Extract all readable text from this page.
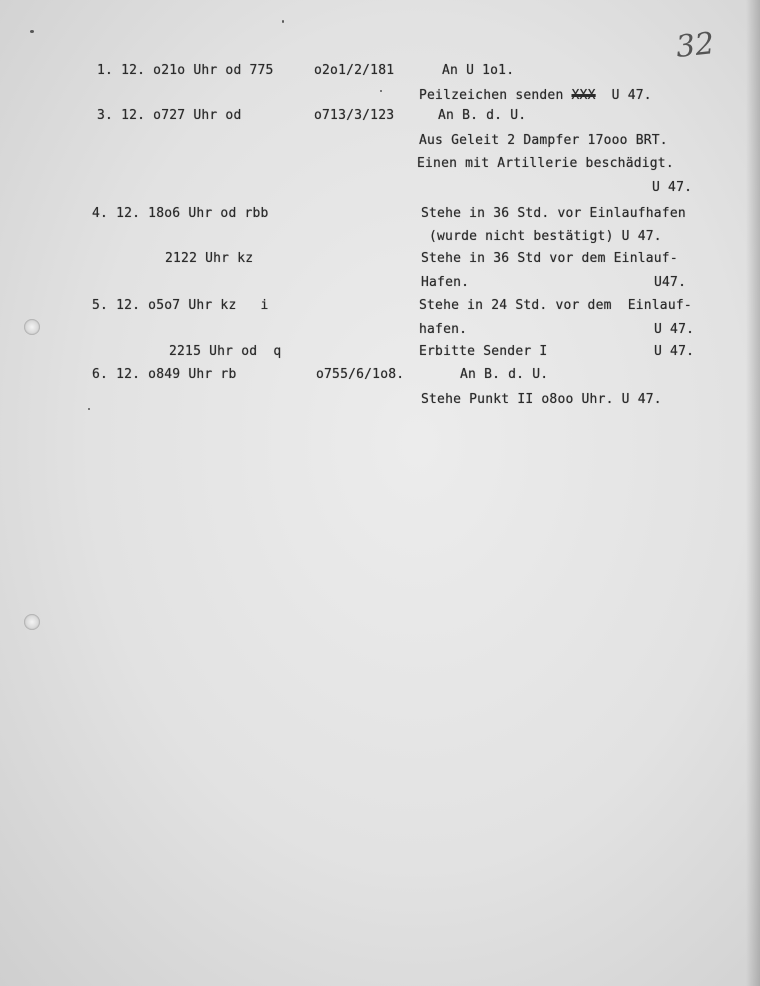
32
1. 12. o21o Uhr od 775	o2o1/2/181	An U 1o1.
Peilzeichen senden XXX  U 47.
3. 12. o727 Uhr od	o713/3/123	An B. d. U.
Aus Geleit 2 Dampfer 17ooo BRT.
Einen mit Artillerie beschädigt.
U 47.
4. 12. 18o6 Uhr od rbb	Stehe in 36 Std. vor Einlaufhafen
(wurde nicht bestätigt) U 47.
2122 Uhr kz	Stehe in 36 Std vor dem Einlauf-
Hafen.	U47.
5. 12. o5o7 Uhr kz   i	Stehe in 24 Std. vor dem  Einlauf-
hafen.	U 47.
2215 Uhr od  q	Erbitte Sender I	U 47.
6. 12. o849 Uhr rb	o755/6/1o8.	An B. d. U.
Stehe Punkt II o8oo Uhr. U 47.
